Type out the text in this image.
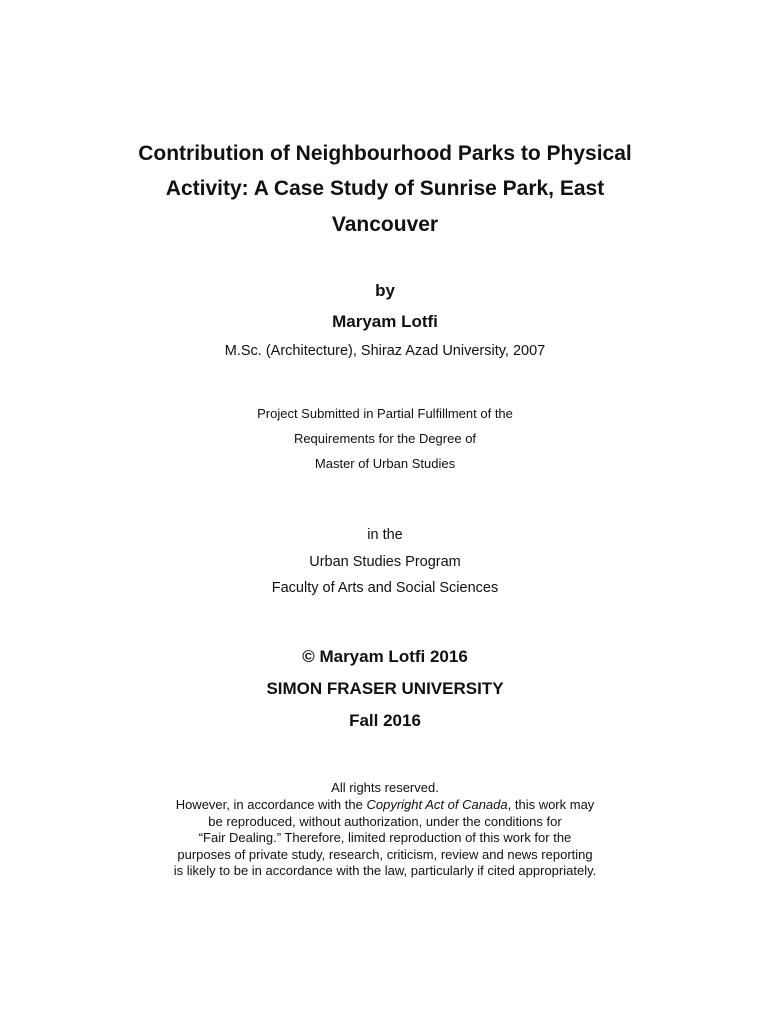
Contribution of Neighbourhood Parks to Physical
Activity: A Case Study of Sunrise Park, East
Vancouver
by
Maryam Lotfi
M.Sc. (Architecture), Shiraz Azad University, 2007
Project Submitted in Partial Fulfillment of the
Requirements for the Degree of
Master of Urban Studies
in the
Urban Studies Program
Faculty of Arts and Social Sciences
© Maryam Lotfi 2016
SIMON FRASER UNIVERSITY
Fall 2016
All rights reserved.
However, in accordance with the Copyright Act of Canada, this work may
be reproduced, without authorization, under the conditions for
“Fair Dealing.” Therefore, limited reproduction of this work for the
purposes of private study, research, criticism, review and news reporting
is likely to be in accordance with the law, particularly if cited appropriately.
